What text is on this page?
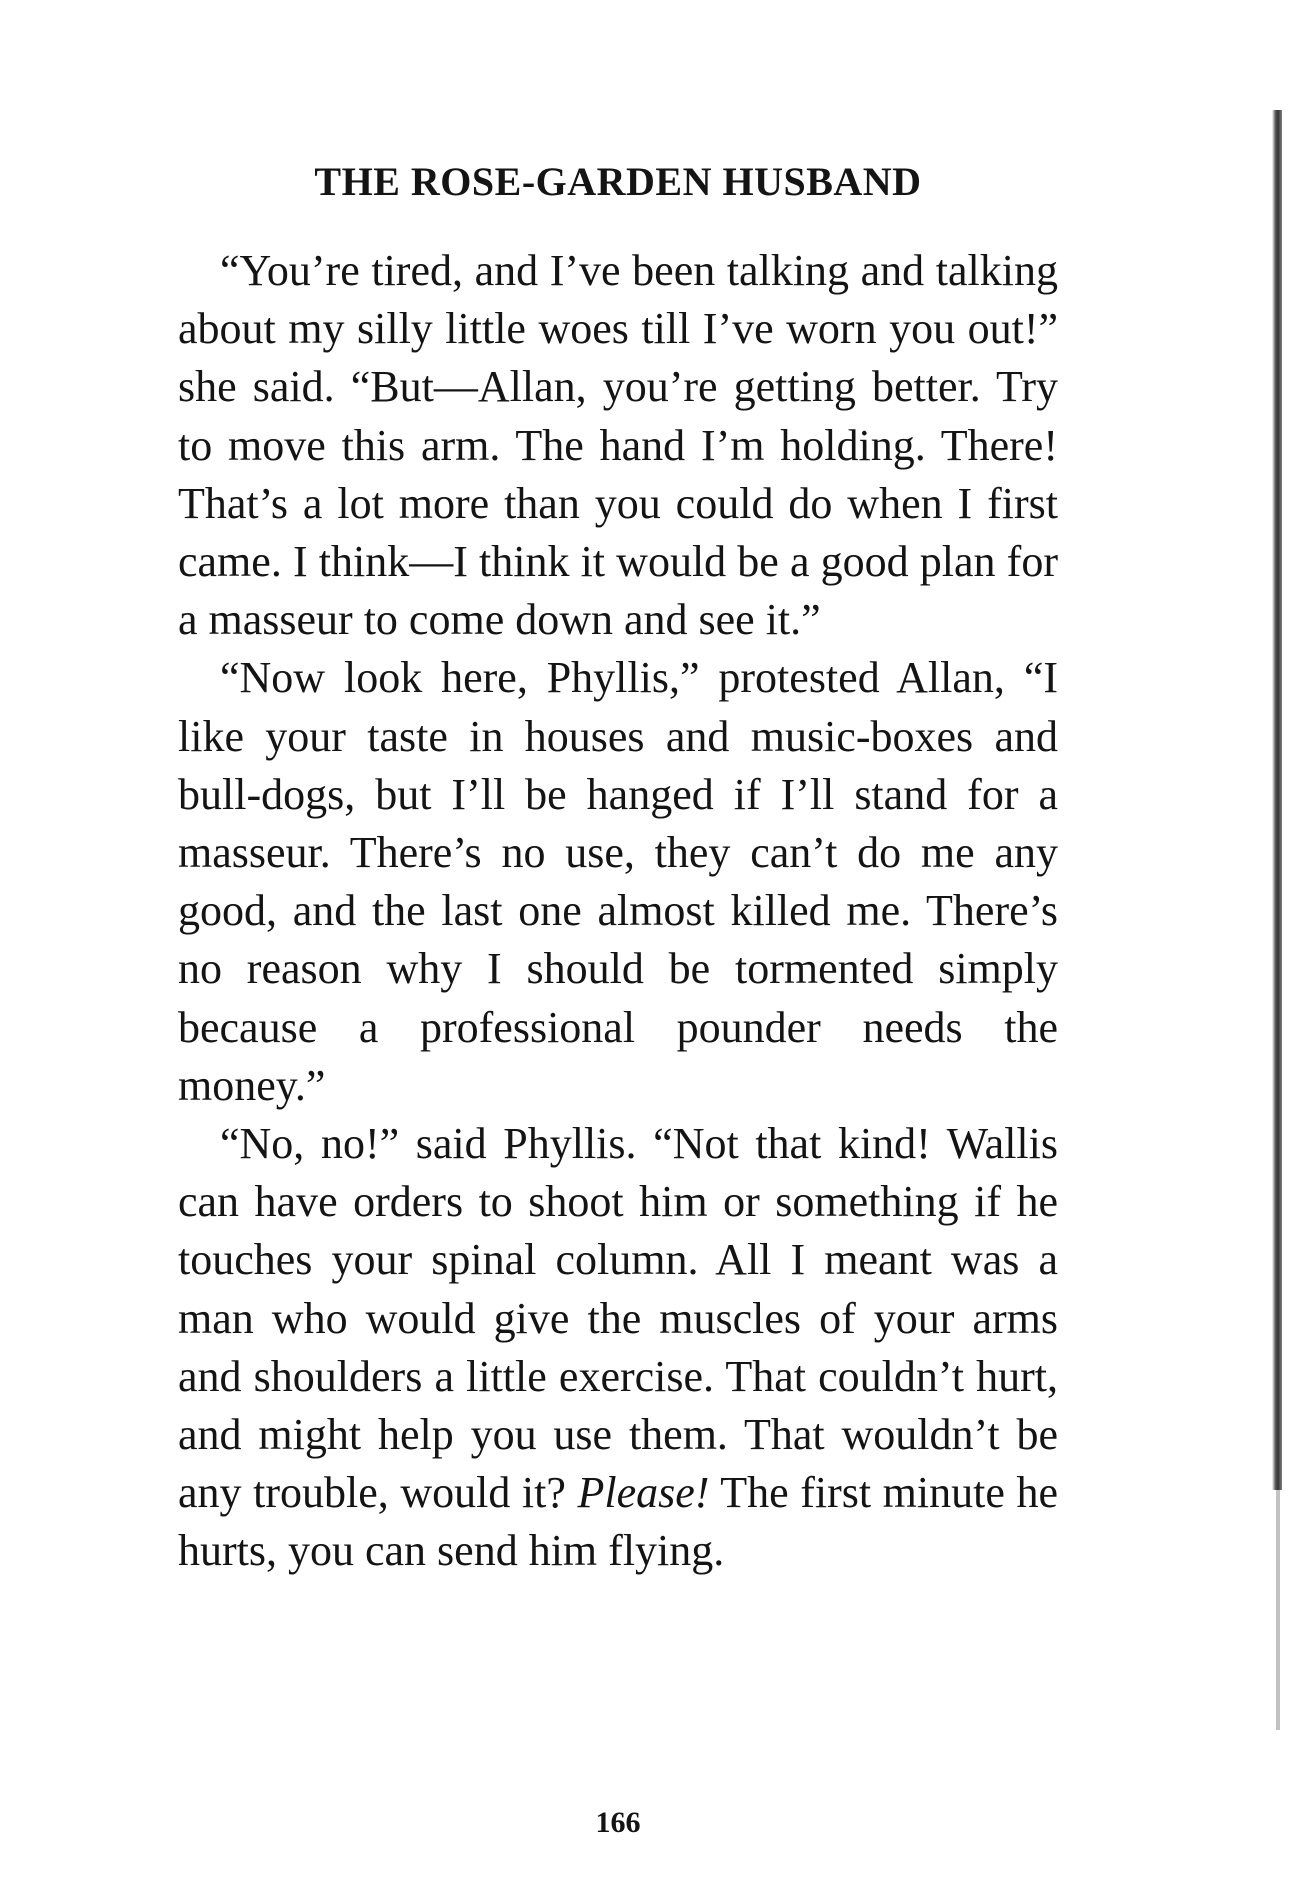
THE ROSE-GARDEN HUSBAND

“You’re tired, and I’ve been talking and talking about my silly little woes till I’ve worn you out!” she said. “But—Allan, you’re getting better. Try to move this arm. The hand I’m holding. There! That’s a lot more than you could do when I first came. I think—I think it would be a good plan for a masseur to come down and see it.”

“Now look here, Phyllis,” protested Allan, “I like your taste in houses and music-boxes and bull-dogs, but I’ll be hanged if I’ll stand for a masseur. There’s no use, they can’t do me any good, and the last one almost killed me. There’s no reason why I should be tormented simply because a professional pounder needs the money.”

“No, no!” said Phyllis. “Not that kind! Wallis can have orders to shoot him or something if he touches your spinal column. All I meant was a man who would give the muscles of your arms and shoulders a little exercise. That couldn’t hurt, and might help you use them. That wouldn’t be any trouble, would it? Please! The first minute he hurts, you can send him flying.

166
